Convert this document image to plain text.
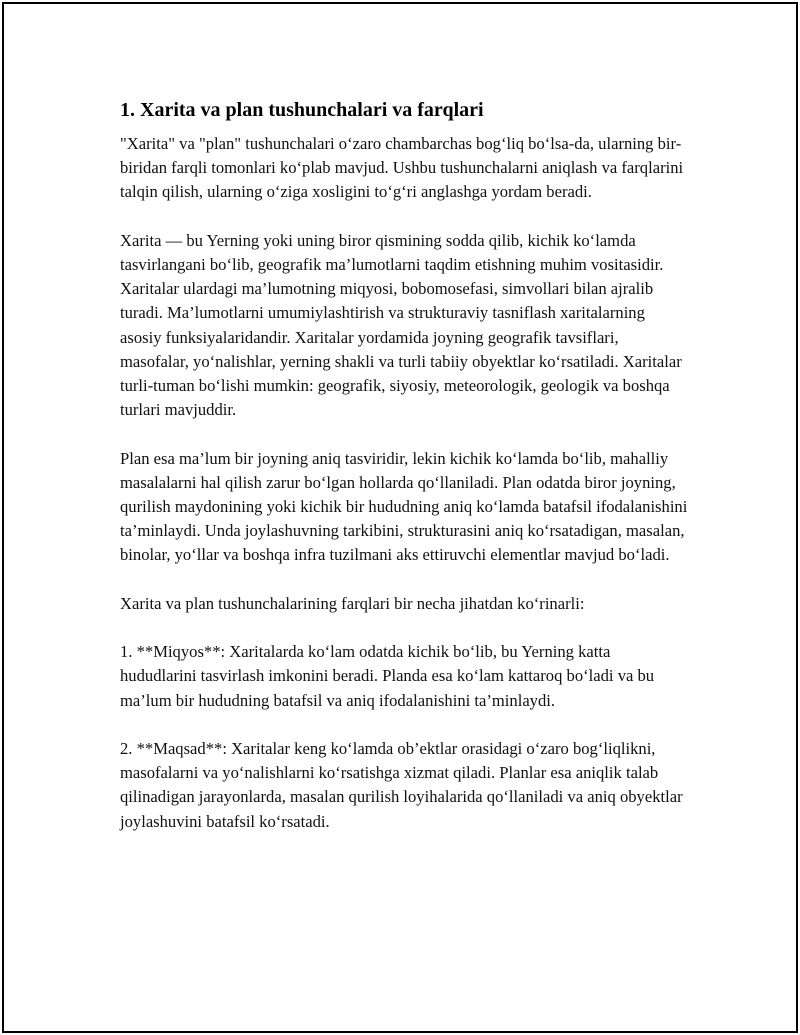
1. Xarita va plan tushunchalari va farqlari

"Xarita" va "plan" tushunchalari o‘zaro chambarchas bog‘liq bo‘lsa-da, ularning bir-biridan farqli tomonlari ko‘plab mavjud. Ushbu tushunchalarni aniqlash va farqlarini talqin qilish, ularning o‘ziga xosligini to‘g‘ri anglashga yordam beradi.

Xarita — bu Yerning yoki uning biror qismining sodda qilib, kichik ko‘lamda tasvirlangani bo‘lib, geografik ma’lumotlarni taqdim etishning muhim vositasidir. Xaritalar ulardagi ma’lumotning miqyosi, bobomosefasi, simvollari bilan ajralib turadi. Ma’lumotlarni umumiylashtirish va strukturaviy tasniflash xaritalarning asosiy funksiyalaridandir. Xaritalar yordamida joyning geografik tavsiflari, masofalar, yo‘nalishlar, yerning shakli va turli tabiiy obyektlar ko‘rsatiladi. Xaritalar turli-tuman bo‘lishi mumkin: geografik, siyosiy, meteorologik, geologik va boshqa turlari mavjuddir.

Plan esa ma’lum bir joyning aniq tasviridir, lekin kichik ko‘lamda bo‘lib, mahalliy masalalarni hal qilish zarur bo‘lgan hollarda qo‘llaniladi. Plan odatda biror joyning, qurilish maydonining yoki kichik bir hududning aniq ko‘lamda batafsil ifodalanishini ta’minlaydi. Unda joylashuvning tarkibini, strukturasini aniq ko‘rsatadigan, masalan, binolar, yo‘llar va boshqa infra tuzilmani aks ettiruvchi elementlar mavjud bo‘ladi.

Xarita va plan tushunchalarining farqlari bir necha jihatdan ko‘rinarli:

1. **Miqyos**: Xaritalarda ko‘lam odatda kichik bo‘lib, bu Yerning katta hududlarini tasvirlash imkonini beradi. Planda esa ko‘lam kattaroq bo‘ladi va bu ma’lum bir hududning batafsil va aniq ifodalanishini ta’minlaydi.

2. **Maqsad**: Xaritalar keng ko‘lamda ob’ektlar orasidagi o‘zaro bog‘liqlikni, masofalarni va yo‘nalishlarni ko‘rsatishga xizmat qiladi. Planlar esa aniqlik talab qilinadigan jarayonlarda, masalan qurilish loyihalarida qo‘llaniladi va aniq obyektlar joylashuvini batafsil ko‘rsatadi.
